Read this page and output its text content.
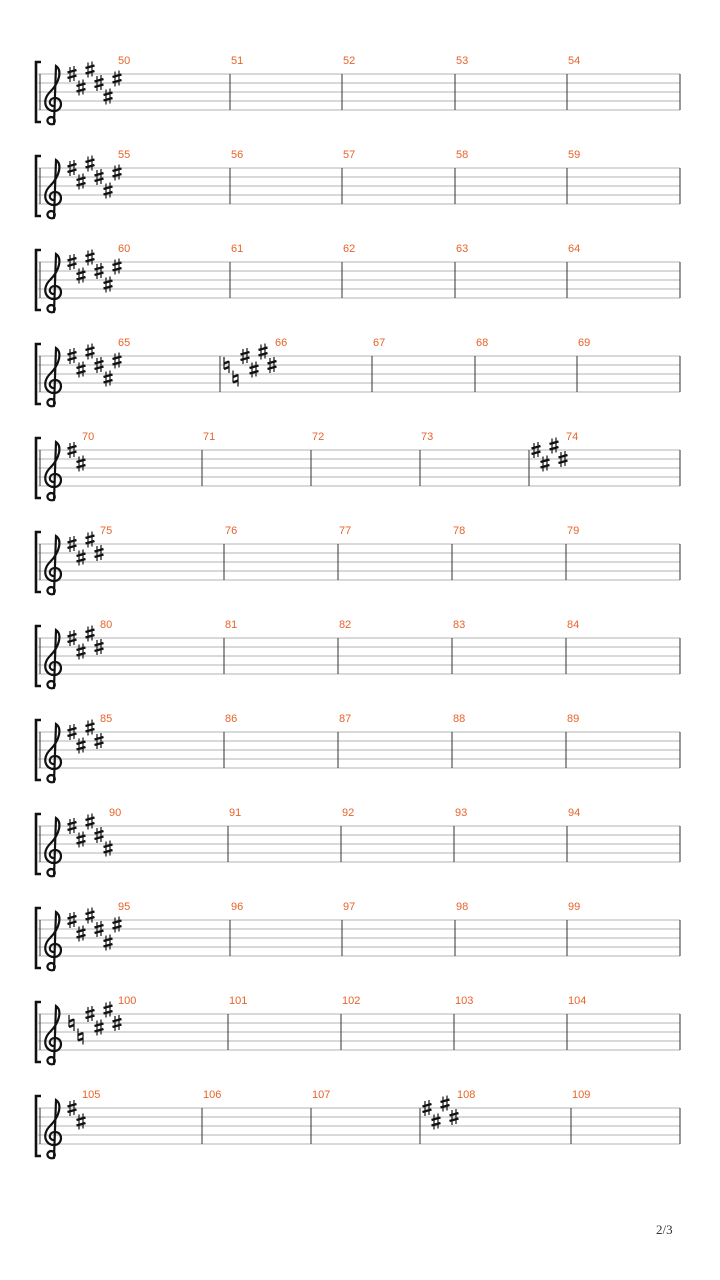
50	51	52	53	54
55	56	57	58	59
60	61	62	63	64
65	66	67	68	69
70	71	72	73	74
75	76	77	78	79
80	81	82	83	84
85	86	87	88	89
90	91	92	93	94
95	96	97	98	99
100	101	102	103	104
105	106	107	108	109
2/3
